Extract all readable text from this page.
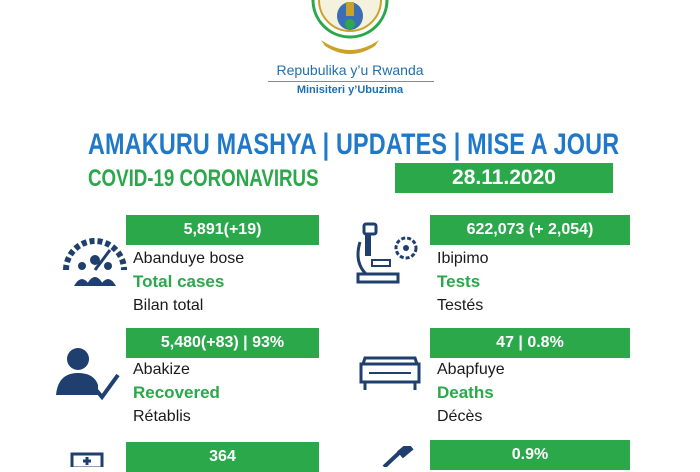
Repubulika y’u Rwanda
Minisiteri y’Ubuzima
AMAKURU MASHYA | UPDATES | MISE A JOUR
COVID-19 CORONAVIRUS	28.11.2020
5,891(+19)
Abanduye bose
Total cases
Bilan total
622,073 (+ 2,054)
Ibipimo
Tests
Testés
5,480(+83) | 93%
Abakize
Recovered
Rétablis
47 | 0.8%
Abapfuye
Deaths
Décès
364	0.9%
